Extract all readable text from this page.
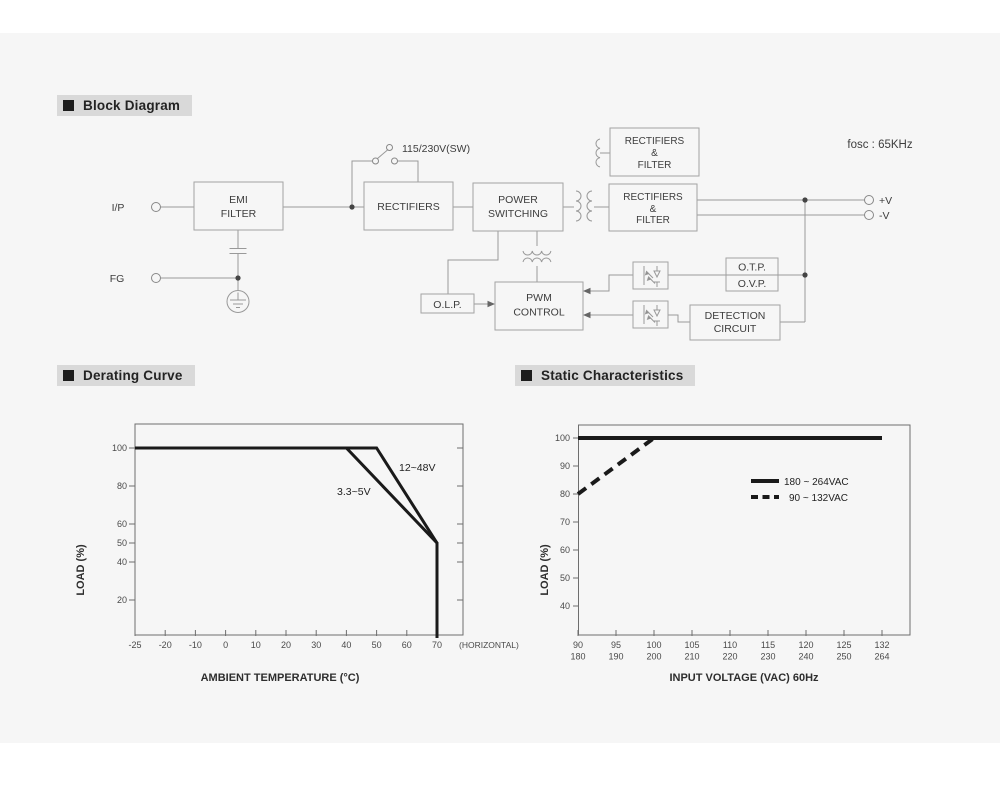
Block Diagram
Derating Curve	Static Characteristics
fosc : 65KHz
I/P
FG
+V
-V
115/230V(SW)
EMI
FILTER
RECTIFIERS
POWER
SWITCHING
RECTIFIERS
&
FILTER
RECTIFIERS
&
FILTER
O.T.P.
O.V.P.
O.L.P.
PWM
CONTROL	DETECTION
CIRCUIT
100
80
60
50
40
20
-25 -20 -10 0	10 20 30 40 50 60 70 (HORIZONTAL)
AMBIENT TEMPERATURE (°C)
LOAD (%)
12~48V
3.3~5V
100
90
80
70
60
50
40
90	95	100	105	110	115	120	125	132
180	190	200	210	220	230	240	250	264
INPUT VOLTAGE (VAC) 60Hz
LOAD (%)
180 ~ 264VAC
90 ~ 132VAC
